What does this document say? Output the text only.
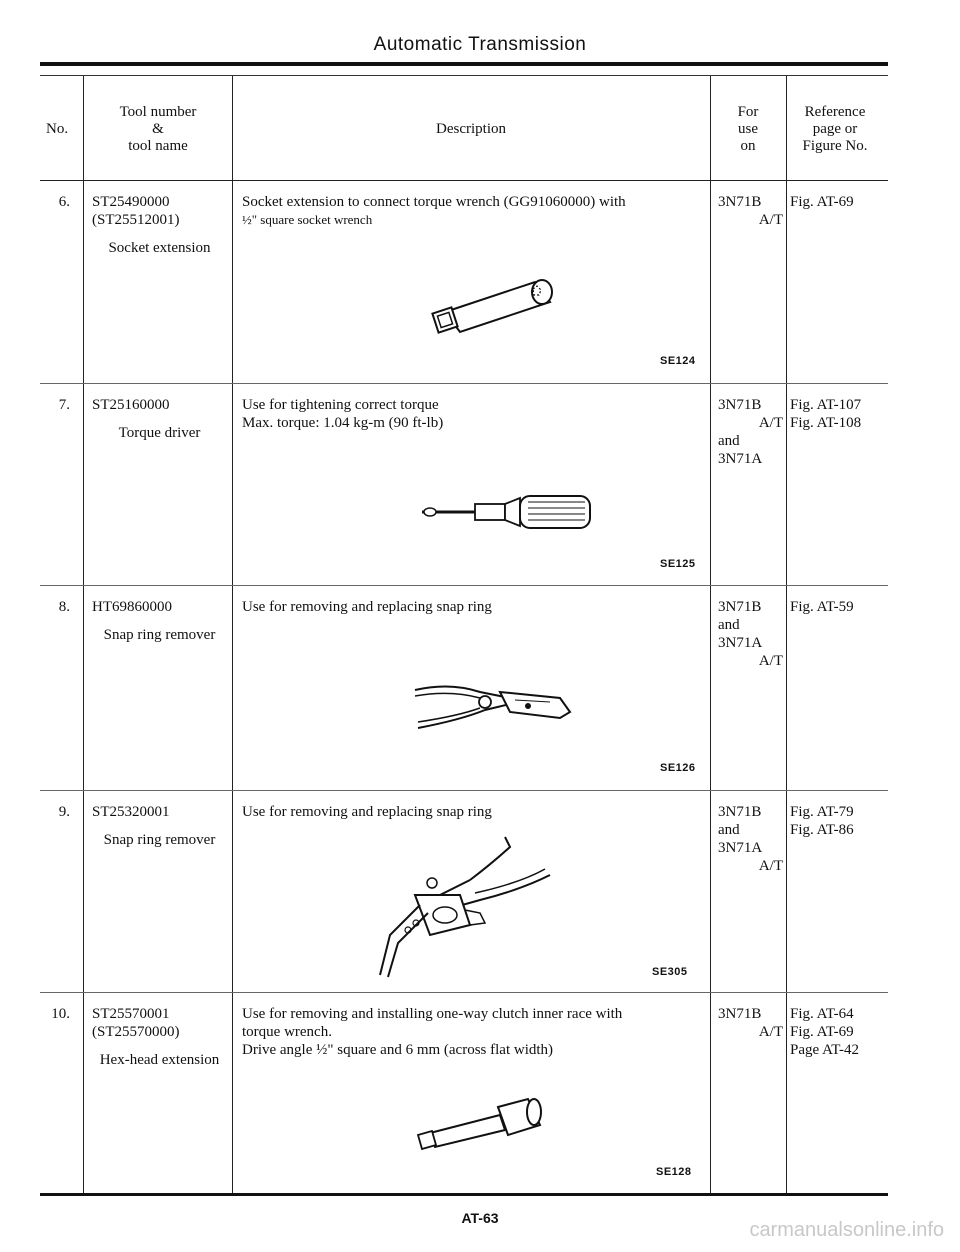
Automatic Transmission
No.
Tool number
&
tool name
Description
For
use
on
Reference
page or
Figure No.
6. ST25490000
(ST25512001)
Socket extension
Socket extension to connect torque wrench (GG91060000) with
½" square socket wrench
3N71B
A/T
Fig. AT-69
SE124
7. ST25160000
Torque driver
Use for tightening correct torque
Max. torque: 1.04 kg-m (90 ft-lb)
3N71B
A/T
and
3N71A
Fig. AT-107
Fig. AT-108
SE125
8. HT69860000
Snap ring remover
Use for removing and replacing snap ring	3N71B
and
3N71A
A/T
Fig. AT-59
SE126
9. ST25320001
Snap ring remover
Use for removing and replacing snap ring	3N71B
and
3N71A
A/T
Fig. AT-79
Fig. AT-86
SE305
10. ST25570001
(ST25570000)
Hex-head extension
Use for removing and installing one-way clutch inner race with
torque wrench.
Drive angle ½" square and 6 mm (across flat width)
3N71B
A/T
Fig. AT-64
Fig. AT-69
Page AT-42
SE128
AT-63
carmanualsonline.info
